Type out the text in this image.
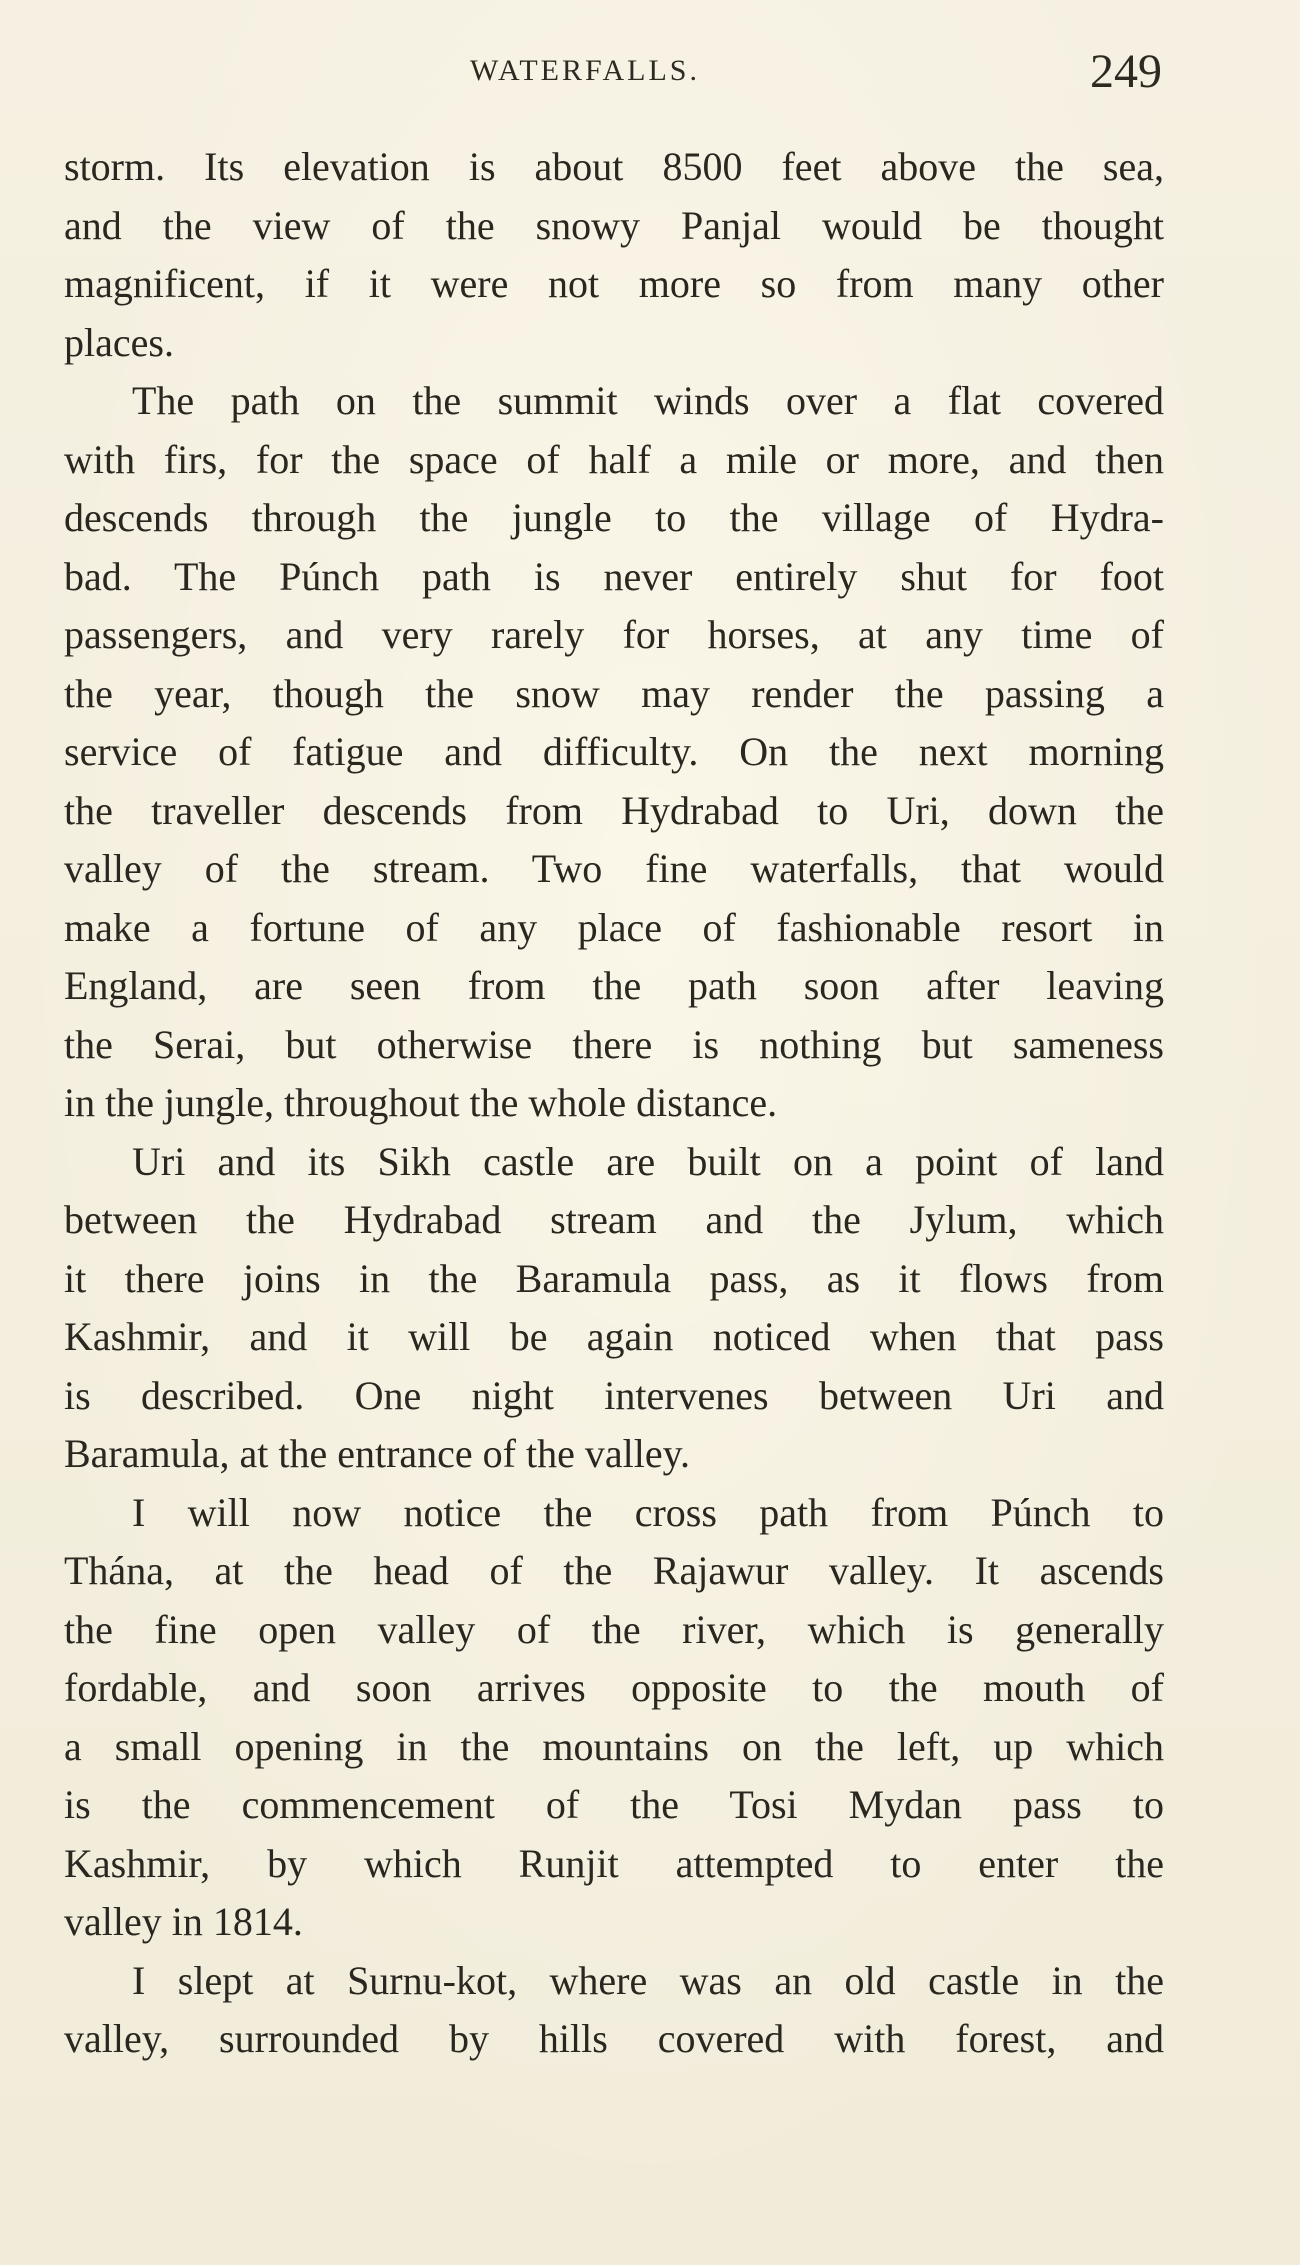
WATERFALLS.	249
storm. Its elevation is about 8500 feet above the sea,
and the view of the snowy Panjal would be thought
magnificent, if it were not more so from many other
places.
The path on the summit winds over a flat covered
with firs, for the space of half a mile or more, and then
descends through the jungle to the village of Hydra-
bad. The Púnch path is never entirely shut for foot
passengers, and very rarely for horses, at any time of
the year, though the snow may render the passing a
service of fatigue and difficulty. On the next morning
the traveller descends from Hydrabad to Uri, down the
valley of the stream. Two fine waterfalls, that would
make a fortune of any place of fashionable resort in
England, are seen from the path soon after leaving
the Serai, but otherwise there is nothing but sameness
in the jungle, throughout the whole distance.
Uri and its Sikh castle are built on a point of land
between the Hydrabad stream and the Jylum, which
it there joins in the Baramula pass, as it flows from
Kashmir, and it will be again noticed when that pass
is described. One night intervenes between Uri and
Baramula, at the entrance of the valley.
I will now notice the cross path from Púnch to
Thána, at the head of the Rajawur valley. It ascends
the fine open valley of the river, which is generally
fordable, and soon arrives opposite to the mouth of
a small opening in the mountains on the left, up which
is the commencement of the Tosi Mydan pass to
Kashmir, by which Runjit attempted to enter the
valley in 1814.
I slept at Surnu-kot, where was an old castle in the
valley, surrounded by hills covered with forest, and
